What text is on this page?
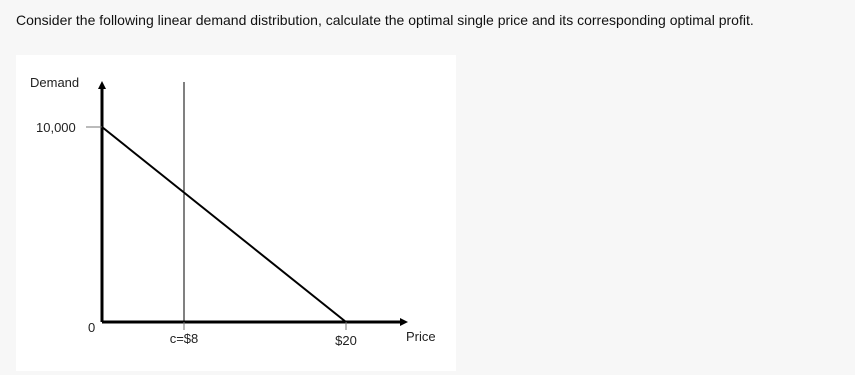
Consider the following linear demand distribution, calculate the optimal single price and its corresponding optimal profit.
Demand
10,000
0
c=$8	$20	Price
